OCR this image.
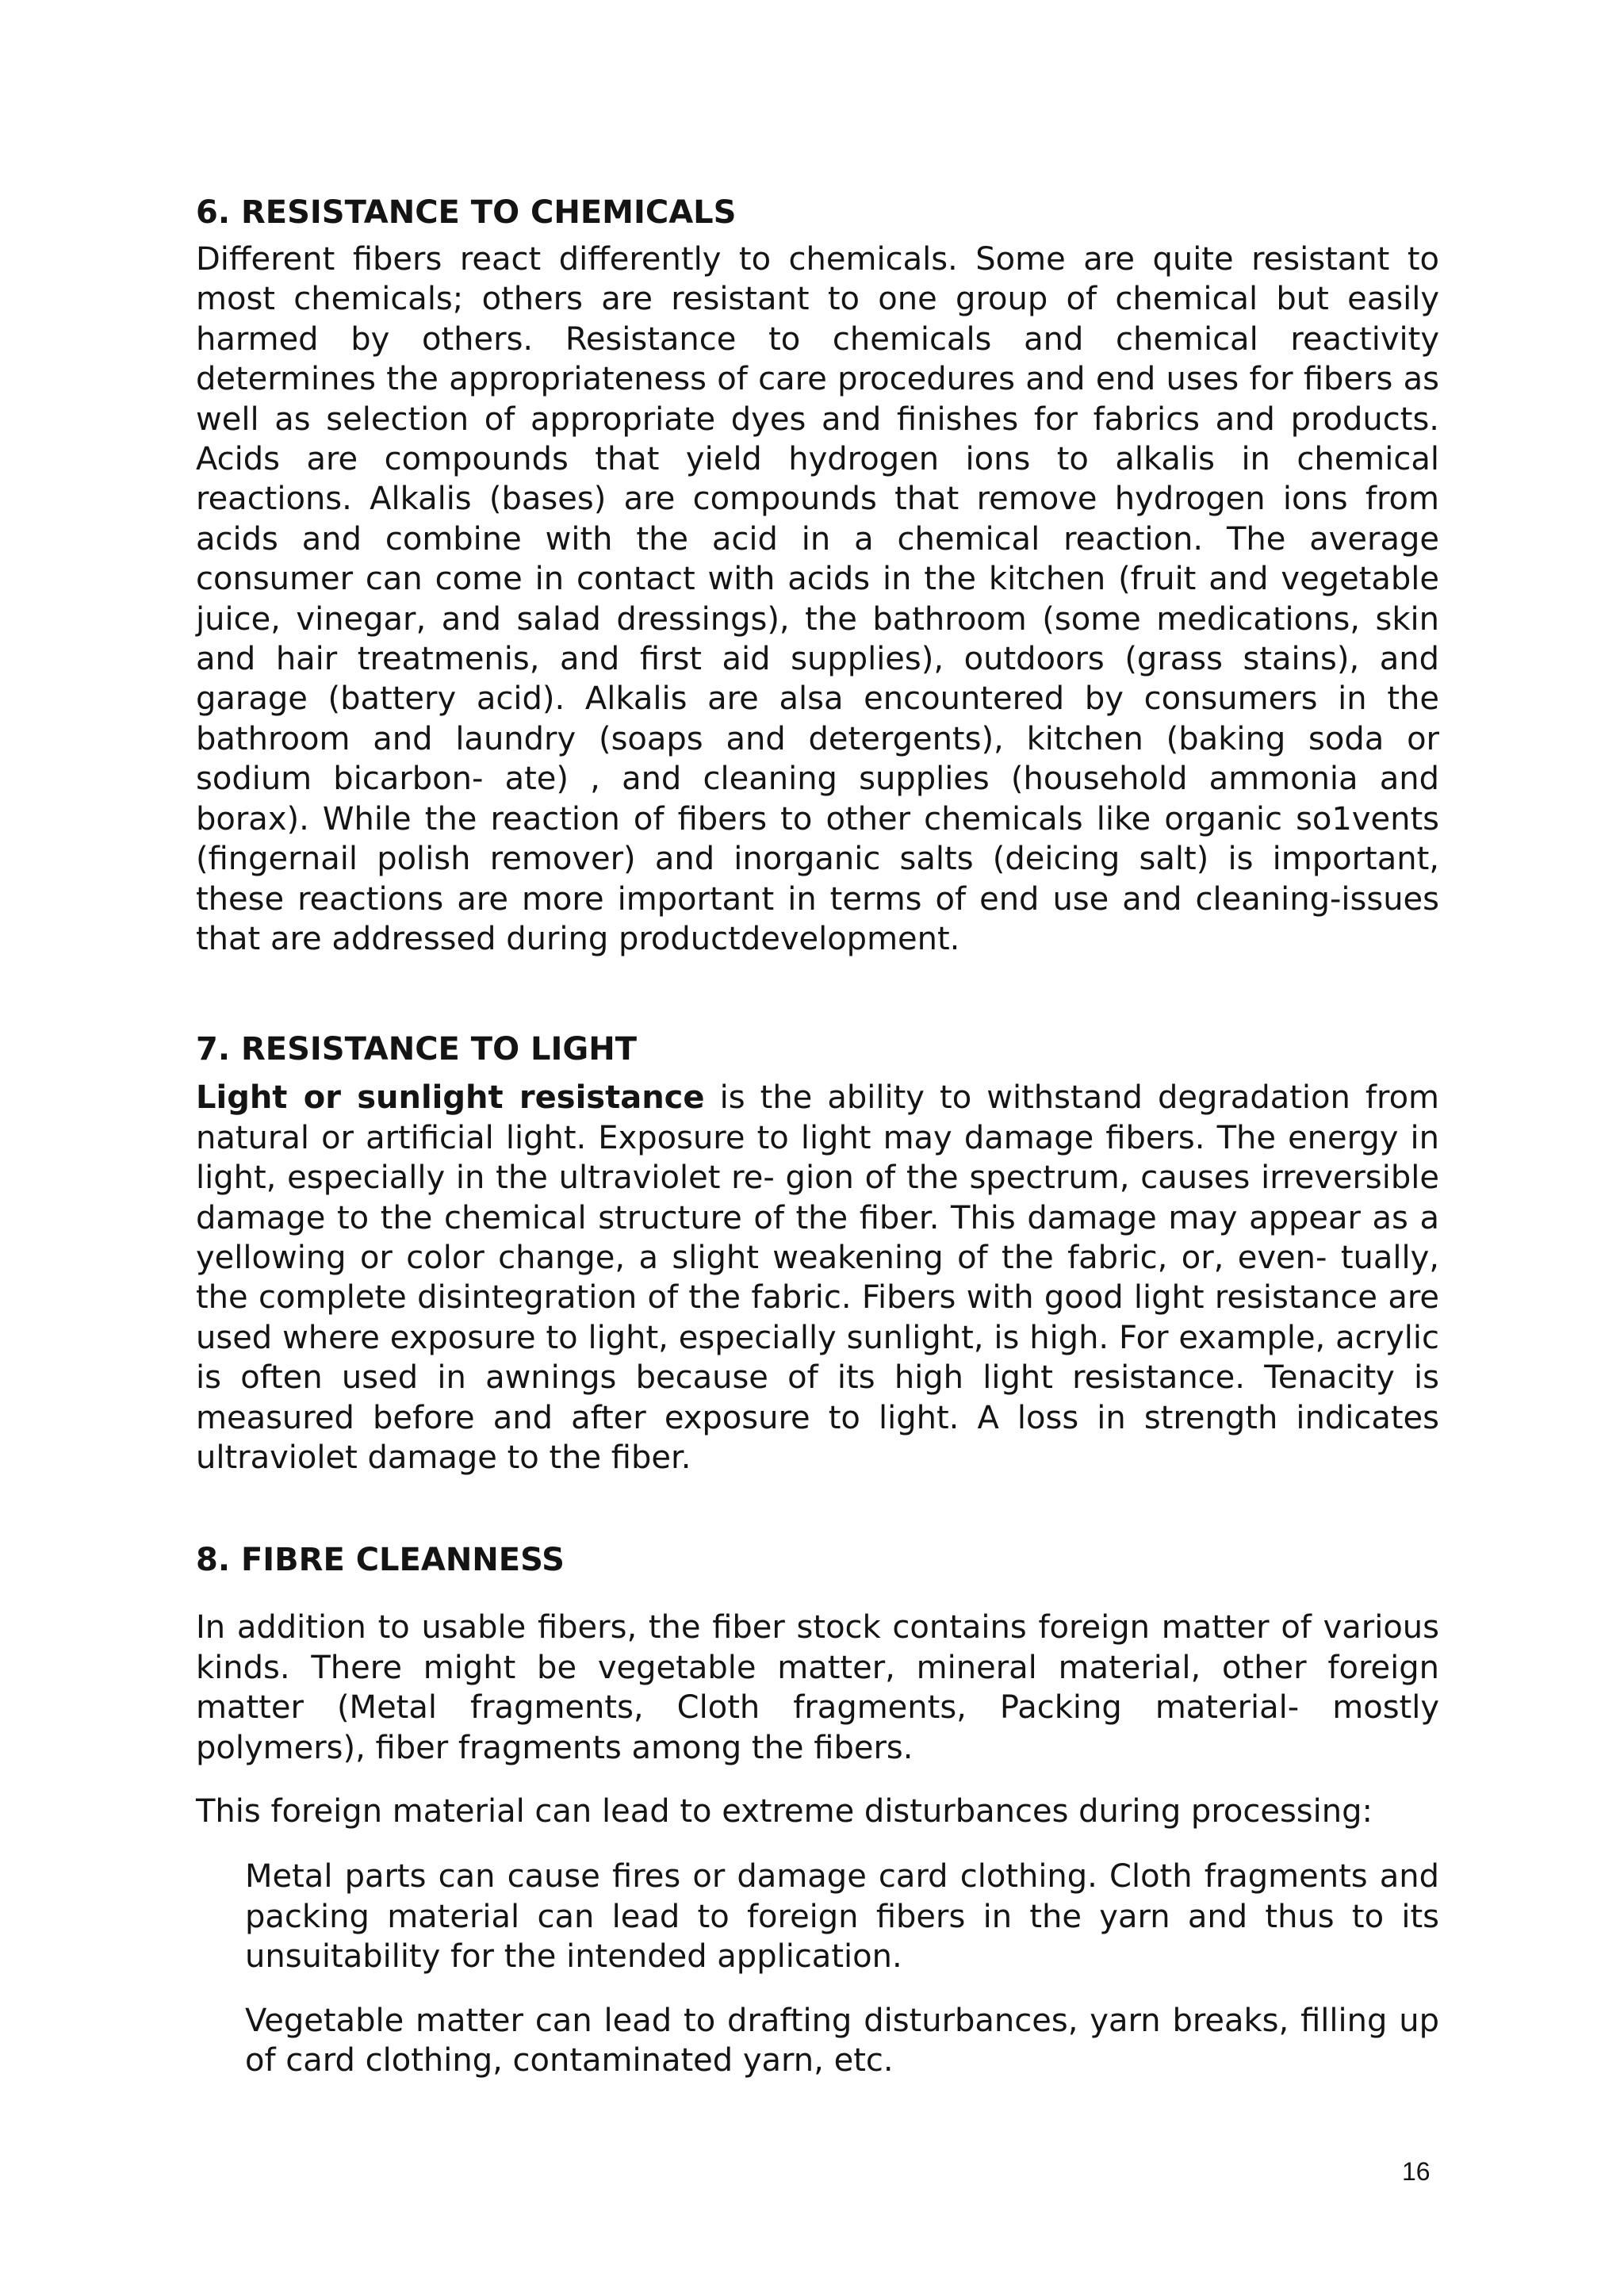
6. RESISTANCE TO CHEMICALS

Different fibers react differently to chemicals. Some are quite resistant to most chemicals; others are resistant to one group of chemical but easily harmed by others. Resistance to chemicals and chemical reactivity determines the appropriateness of care procedures and end uses for fibers as well as selection of appropriate dyes and finishes for fabrics and products. Acids are compounds that yield hydrogen ions to alkalis in chemical reactions. Alkalis (bases) are compounds that remove hydrogen ions from acids and combine with the acid in a chemical reaction. The average consumer can come in contact with acids in the kitchen (fruit and vegetable juice, vinegar, and salad dressings), the bathroom (some medications, skin and hair treatmenis, and first aid supplies), outdoors (grass stains), and garage (battery acid). Alkalis are alsa encountered by consumers in the bathroom and laundry (soaps and detergents), kitchen (baking soda or sodium bicarbon- ate) , and cleaning supplies (household ammonia and borax). While the reaction of fibers to other chemicals like organic so1vents (fingernail polish remover) and inorganic salts (deicing salt) is important, these reactions are more important in terms of end use and cleaning-issues that are addressed during productdevelopment.

7. RESISTANCE TO LIGHT

Light or sunlight resistance is the ability to withstand degradation from natural or artificial light. Exposure to light may damage fibers. The energy in light, especially in the ultraviolet re- gion of the spectrum, causes irreversible damage to the chemical structure of the fiber. This damage may appear as a yellowing or color change, a slight weakening of the fabric, or, even- tually, the complete disintegration of the fabric. Fibers with good light resistance are used where exposure to light, especially sunlight, is high. For example, acrylic is often used in awnings because of its high light resistance. Tenacity is measured before and after exposure to light. A loss in strength indicates ultraviolet damage to the fiber.

8. FIBRE CLEANNESS

In addition to usable fibers, the fiber stock contains foreign matter of various kinds. There might be vegetable matter, mineral material, other foreign matter (Metal fragments, Cloth fragments, Packing material- mostly polymers), fiber fragments among the fibers.

This foreign material can lead to extreme disturbances during processing:

Metal parts can cause fires or damage card clothing. Cloth fragments and packing material can lead to foreign fibers in the yarn and thus to its unsuitability for the intended application.

Vegetable matter can lead to drafting disturbances, yarn breaks, filling up of card clothing, contaminated yarn, etc.

16
